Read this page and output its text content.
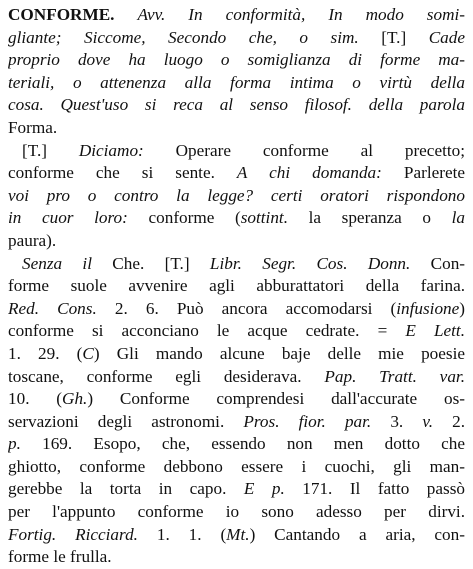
CONFORME. Avv. In conformità, In modo somi-
gliante; Siccome, Secondo che, o sim. [T.] Cade
proprio dove ha luogo o somiglianza di forme ma-
teriali, o attenenza alla forma intima o virtù della
cosa. Quest'uso si reca al senso filosof. della parola
Forma.
[T.] Diciamo: Operare conforme al precetto;
conforme che si sente. A chi domanda: Parlerete
voi pro o contro la legge? certi oratori rispondono
in cuor loro: conforme (sottint. la speranza o la
paura).
Senza il Che. [T.] Libr. Segr. Cos. Donn. Con-
forme suole avvenire agli abburattatori della farina.
Red. Cons. 2. 6. Può ancora accomodarsi (infusione)
conforme si acconciano le acque cedrate. = E Lett.
1. 29. (C) Gli mando alcune baje delle mie poesie
toscane, conforme egli desiderava. Pap. Tratt. var.
10. (Gh.) Conforme comprendesi dall'accurate os-
servazioni degli astronomi. Pros. fior. par. 3. v. 2.
p. 169. Esopo, che, essendo non men dotto che
ghiotto, conforme debbono essere i cuochi, gli man-
gerebbe la torta in capo. E p. 171. Il fatto passò
per l'appunto conforme io sono adesso per dirvi.
Fortig. Ricciard. 1. 1. (Mt.) Cantando a aria, con-
forme le frulla.
